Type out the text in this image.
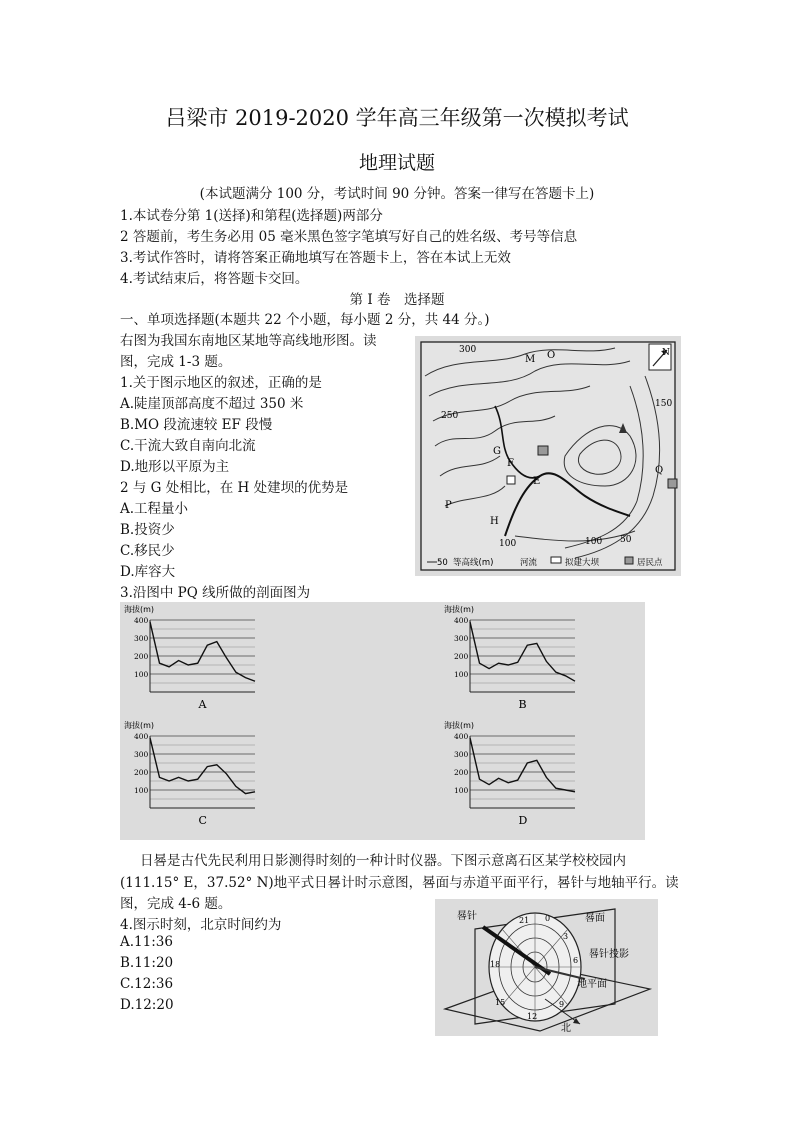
吕梁市 2019-2020 学年高三年级第一次模拟考试
地理试题
(本试题满分 100 分，考试时间 90 分钟。答案一律写在答题卡上)
1.本试卷分第 1(送择)和第程(选择题)两部分
2 答题前，考生务必用 05 毫米黑色签字笔填写好自己的姓名级、考号等信息
3.考试作答时，请将答案正确地填写在答题卡上，答在本试上无效
4.考试结束后，将答题卡交回。
第 I 卷　选择题
一、单项选择题(本题共 22 个小题，每小题 2 分，共 44 分。)
右图为我国东南地区某地等高线地形图。读
图，完成 1-3 题。
1.关于图示地区的叙述，正确的是
A.陡崖顶部高度不超过 350 米
B.MO 段流速较 EF 段慢
C.干流大致自南向北流
D.地形以平原为主
2 与 G 处相比，在 H 处建坝的优势是
A.工程量小
B.投资少
C.移民少
D.库容大
3.沿图中 PQ 线所做的剖面图为
N
300
250
150
100	100 50
M O
G
F
E
P
H
Q
50 等高线(m)	河流	拟建大坝	居民点
海拔(m)
400
300
200
100
A
海拔(m)
400
300
200
100
B
海拔(m)
400
300
200
100
C
海拔(m)
400
300
200
100
D
日晷是古代先民利用日影测得时刻的一种计时仪器。下图示意离石区某学校校园内
(111.15° E，37.52° N)地平式日晷计时示意图，晷面与赤道平面平行，晷针与地轴平行。读
图，完成 4-6 题。
4.图示时刻，北京时间约为
A.11:36
B.11:20
C.12:36
D.12:20
晷针	晷面
晷针投影
地平面
北
21 0
3
6
9
12
15
18
